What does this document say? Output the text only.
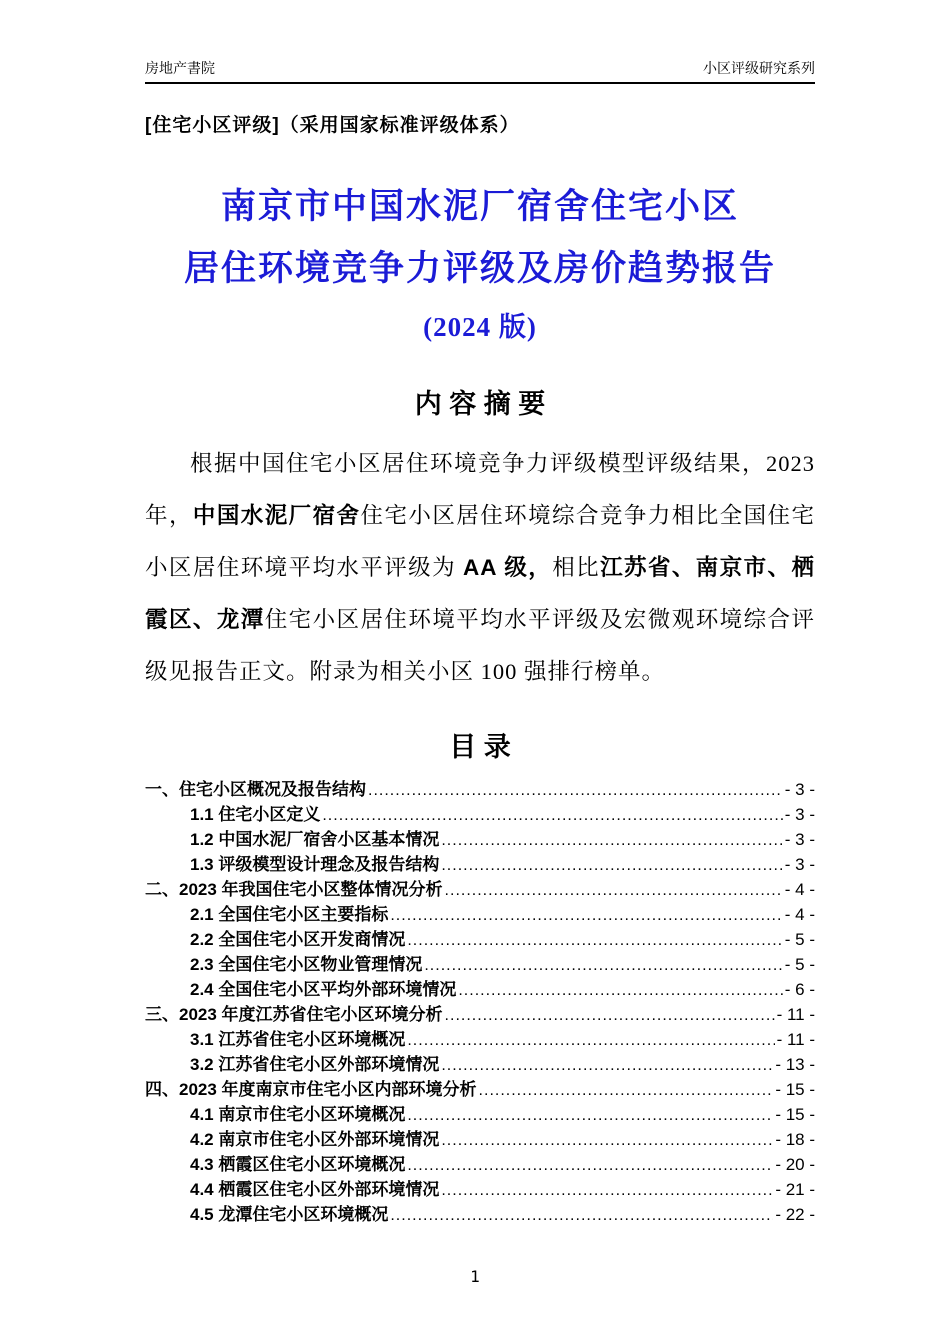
房地产書院	小区评级研究系列
[住宅小区评级]（采用国家标准评级体系）
南京市中国水泥厂宿舍住宅小区
居住环境竞争力评级及房价趋势报告
(2024 版)
内 容 摘 要
根据中国住宅小区居住环境竞争力评级模型评级结果，2023 年，中国水泥厂宿舍住宅小区居住环境综合竞争力相比全国住宅小区居住环境平均水平评级为 AA 级，相比江苏省、南京市、栖霞区、龙潭住宅小区居住环境平均水平评级及宏微观环境综合评级见报告正文。附录为相关小区 100 强排行榜单。
目 录
一、住宅小区概况及报告结构 .....	- 3 -
1.1 住宅小区定义 .....	- 3 -
1.2 中国水泥厂宿舍小区基本情况 .....	- 3 -
1.3 评级模型设计理念及报告结构 .....	- 3 -
二、2023 年我国住宅小区整体情况分析 .....	- 4 -
2.1 全国住宅小区主要指标 .....	- 4 -
2.2 全国住宅小区开发商情况 .....	- 5 -
2.3 全国住宅小区物业管理情况 .....	- 5 -
2.4 全国住宅小区平均外部环境情况 .....	- 6 -
三、2023 年度江苏省住宅小区环境分析 .....	- 11 -
3.1 江苏省住宅小区环境概况 .....	- 11 -
3.2 江苏省住宅小区外部环境情况 .....	- 13 -
四、2023 年度南京市住宅小区内部环境分析 .....	- 15 -
4.1 南京市住宅小区环境概况 .....	- 15 -
4.2 南京市住宅小区外部环境情况 .....	- 18 -
4.3 栖霞区住宅小区环境概况 .....	- 20 -
4.4 栖霞区住宅小区外部环境情况 .....	- 21 -
4.5 龙潭住宅小区环境概况 .....	- 22 -
1
